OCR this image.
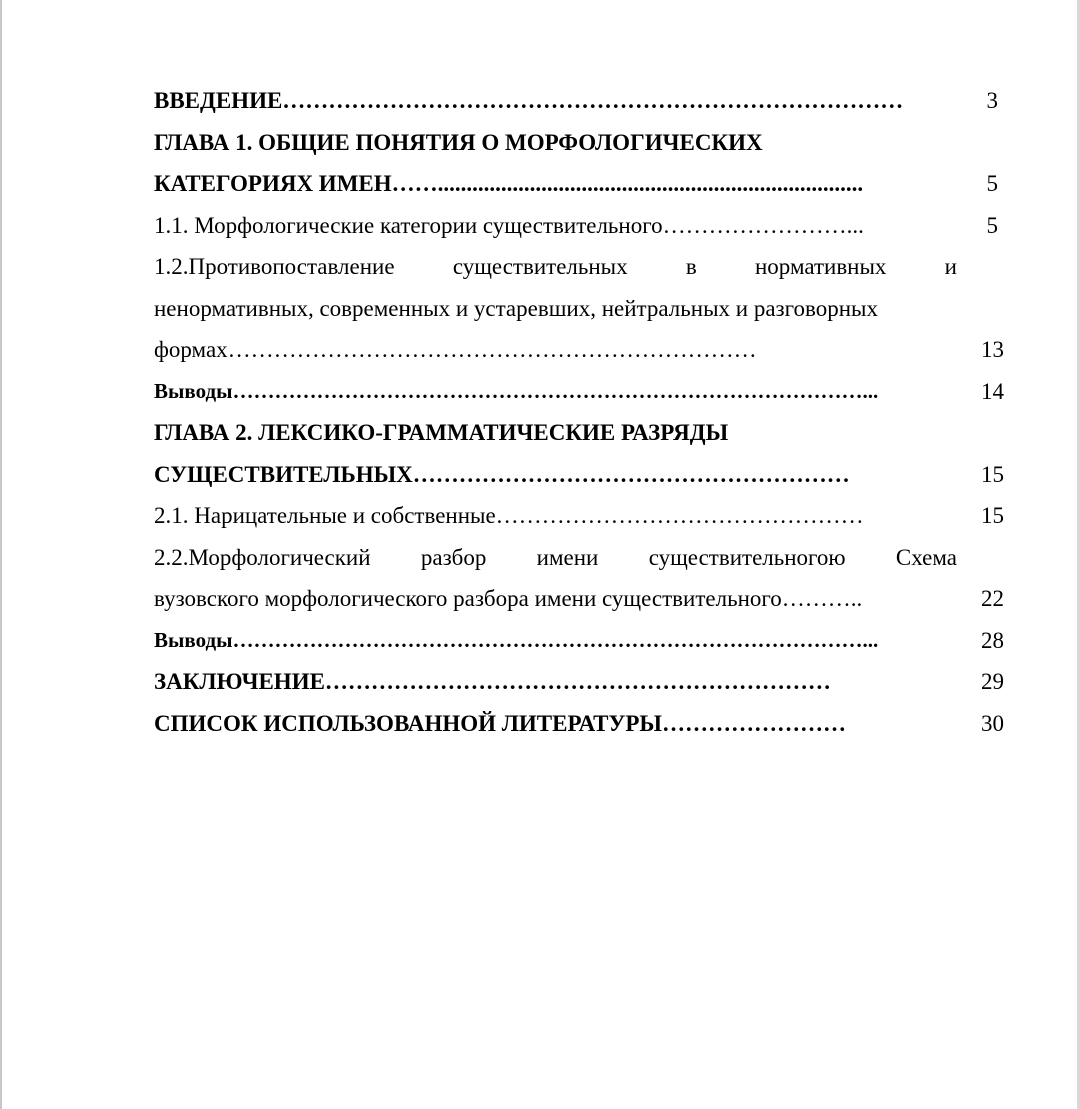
ВВЕДЕНИЕ………………………………………………………………………	3
ГЛАВА 1. ОБЩИЕ ПОНЯТИЯ О МОРФОЛОГИЧЕСКИХ
КАТЕГОРИЯХ ИМЕН……..........................................................................	5
1.1. Морфологические категории существительного……………………...	5
1.2.Противопоставление	существительных	в	нормативных	и
ненормативных, современных и устаревших, нейтральных и разговорных
формах……………………………………………………………	13
Выводы………………………………………………………………………………...	14
ГЛАВА 2. ЛЕКСИКО-ГРАММАТИЧЕСКИЕ РАЗРЯДЫ
СУЩЕСТВИТЕЛЬНЫХ…………………………………………………	15
2.1. Нарицательные и собственные…………………………………………	15
2.2.Морфологический разбор имени существительногою Схема
вузовского морфологического разбора имени существительного………..	22
Выводы………………………………………………………………………………...	28
ЗАКЛЮЧЕНИЕ…………………………………………………………	29
СПИСОК ИСПОЛЬЗОВАННОЙ ЛИТЕРАТУРЫ……………………	30
